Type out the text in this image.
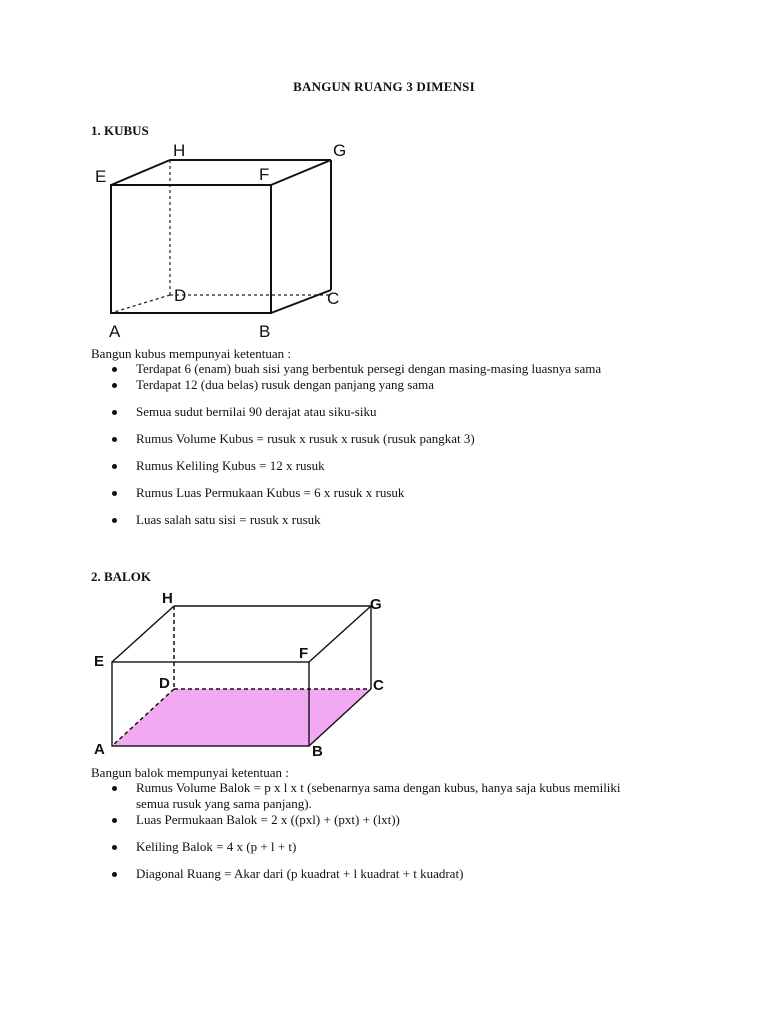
BANGUN RUANG 3 DIMENSI
1. KUBUS
E
H	G
F
D	C
A	B
Bangun kubus mempunyai ketentuan :
Terdapat 6 (enam) buah sisi yang berbentuk persegi dengan masing-masing luasnya sama
Terdapat 12 (dua belas) rusuk dengan panjang yang sama
Semua sudut bernilai 90 derajat atau siku-siku
Rumus Volume Kubus = rusuk x rusuk x rusuk (rusuk pangkat 3)
Rumus Keliling Kubus = 12 x rusuk
Rumus Luas Permukaan Kubus = 6 x rusuk x rusuk
Luas salah satu sisi = rusuk x rusuk
2. BALOK
E
H	G
F
D	C
A	B
Bangun balok mempunyai ketentuan :
Rumus Volume Balok = p x l x t (sebenarnya sama dengan kubus, hanya saja kubus memiliki semua rusuk yang sama panjang).
Luas Permukaan Balok = 2 x ((pxl) + (pxt) + (lxt))
Keliling Balok = 4 x (p + l + t)
Diagonal Ruang = Akar dari (p kuadrat + l kuadrat + t kuadrat)
